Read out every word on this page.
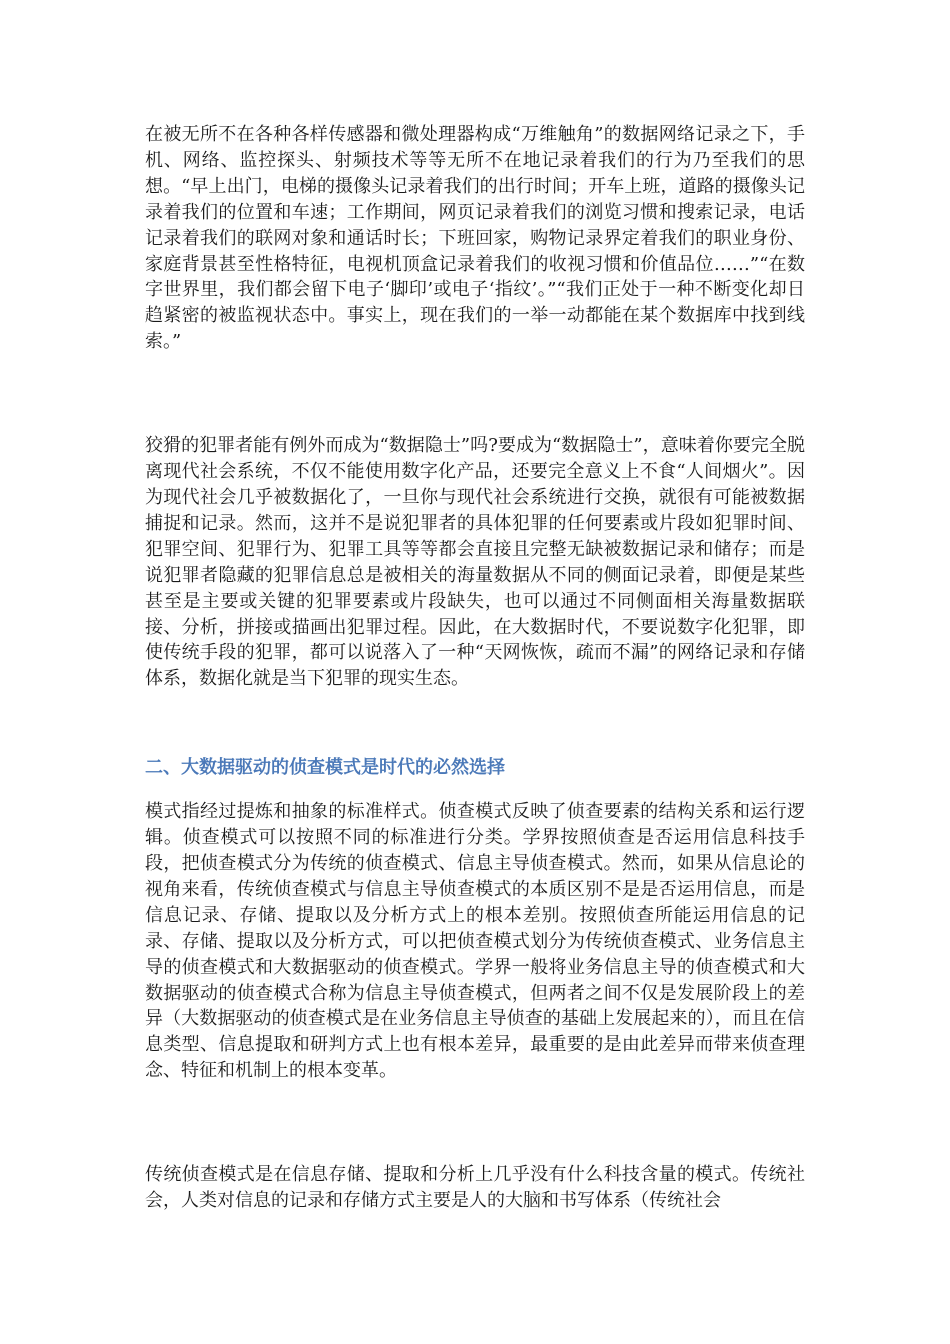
在被无所不在各种各样传感器和微处理器构成“万维触角”的数据网络记录之下，手机、网络、监控探头、射频技术等等无所不在地记录着我们的行为乃至我们的思想。“早上出门，电梯的摄像头记录着我们的出行时间；开车上班，道路的摄像头记录着我们的位置和车速；工作期间，网页记录着我们的浏览习惯和搜索记录，电话记录着我们的联网对象和通话时长；下班回家，购物记录界定着我们的职业身份、家庭背景甚至性格特征，电视机顶盒记录着我们的收视习惯和价值品位……”“在数字世界里，我们都会留下电子‘脚印’或电子‘指纹’。”“我们正处于一种不断变化却日趋紧密的被监视状态中。事实上，现在我们的一举一动都能在某个数据库中找到线索。”

狡猾的犯罪者能有例外而成为“数据隐士”吗?要成为“数据隐士”，意味着你要完全脱离现代社会系统，不仅不能使用数字化产品，还要完全意义上不食“人间烟火”。因为现代社会几乎被数据化了，一旦你与现代社会系统进行交换，就很有可能被数据捕捉和记录。然而，这并不是说犯罪者的具体犯罪的任何要素或片段如犯罪时间、犯罪空间、犯罪行为、犯罪工具等等都会直接且完整无缺被数据记录和储存；而是说犯罪者隐藏的犯罪信息总是被相关的海量数据从不同的侧面记录着，即便是某些甚至是主要或关键的犯罪要素或片段缺失，也可以通过不同侧面相关海量数据联接、分析，拼接或描画出犯罪过程。因此，在大数据时代，不要说数字化犯罪，即使传统手段的犯罪，都可以说落入了一种“天网恢恢，疏而不漏”的网络记录和存储体系，数据化就是当下犯罪的现实生态。

二、大数据驱动的侦查模式是时代的必然选择

模式指经过提炼和抽象的标准样式。侦查模式反映了侦查要素的结构关系和运行逻辑。侦查模式可以按照不同的标准进行分类。学界按照侦查是否运用信息科技手段，把侦查模式分为传统的侦查模式、信息主导侦查模式。然而，如果从信息论的视角来看，传统侦查模式与信息主导侦查模式的本质区别不是是否运用信息，而是信息记录、存储、提取以及分析方式上的根本差别。按照侦查所能运用信息的记录、存储、提取以及分析方式，可以把侦查模式划分为传统侦查模式、业务信息主导的侦查模式和大数据驱动的侦查模式。学界一般将业务信息主导的侦查模式和大数据驱动的侦查模式合称为信息主导侦查模式，但两者之间不仅是发展阶段上的差异（大数据驱动的侦查模式是在业务信息主导侦查的基础上发展起来的），而且在信息类型、信息提取和研判方式上也有根本差异，最重要的是由此差异而带来侦查理念、特征和机制上的根本变革。

传统侦查模式是在信息存储、提取和分析上几乎没有什么科技含量的模式。传统社会，人类对信息的记录和存储方式主要是人的大脑和书写体系（传统社会
